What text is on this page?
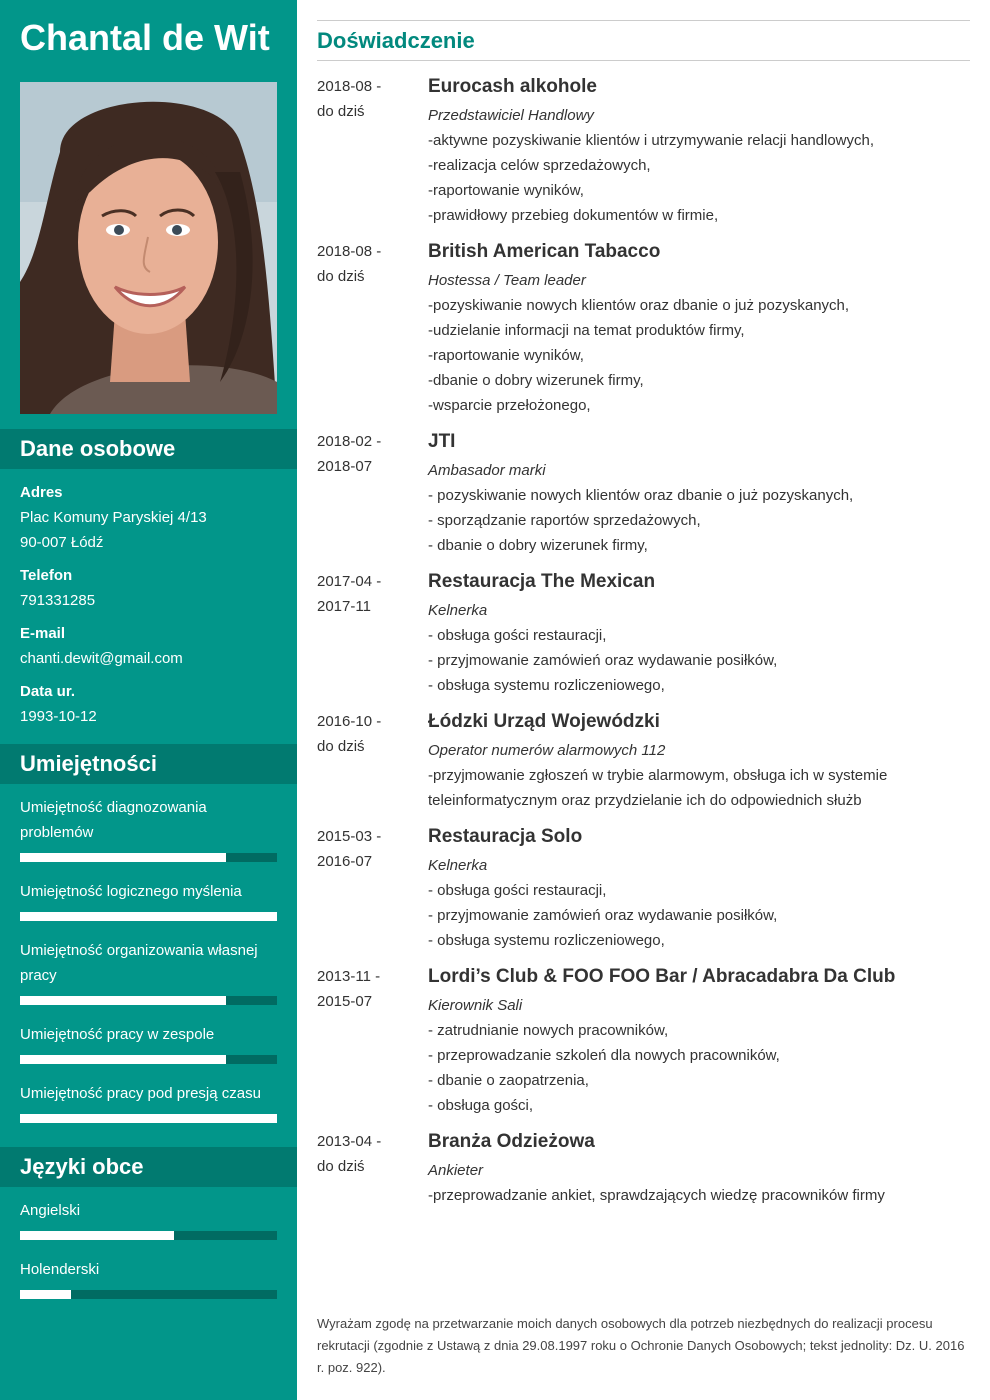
Chantal de Wit
Dane osobowe
Adres
Plac Komuny Paryskiej 4/13
90-007 Łódź
Telefon
791331285
E-mail
chanti.dewit@gmail.com
Data ur.
1993-10-12
Umiejętności
Umiejętność diagnozowania problemów
Umiejętność logicznego myślenia
Umiejętność organizowania własnej pracy
Umiejętność pracy w zespole
Umiejętność pracy pod presją czasu
Języki obce
Angielski
Holenderski
Doświadczenie
2018-08 -
do dziś
Eurocash alkohole
Przedstawiciel Handlowy
-aktywne pozyskiwanie klientów i utrzymywanie relacji handlowych,
-realizacja celów sprzedażowych,
-raportowanie wyników,
-prawidłowy przebieg dokumentów w firmie,
2018-08 -
do dziś
British American Tabacco
Hostessa / Team leader
-pozyskiwanie nowych klientów oraz dbanie o już pozyskanych,
-udzielanie informacji na temat produktów firmy,
-raportowanie wyników,
-dbanie o dobry wizerunek firmy,
-wsparcie przełożonego,
2018-02 -
2018-07
JTI
Ambasador marki
- pozyskiwanie nowych klientów oraz dbanie o już pozyskanych,
- sporządzanie raportów sprzedażowych,
- dbanie o dobry wizerunek firmy,
2017-04 -
2017-11
Restauracja The Mexican
Kelnerka
- obsługa gości restauracji,
- przyjmowanie zamówień oraz wydawanie posiłków,
- obsługa systemu rozliczeniowego,
2016-10 -
do dziś
Łódzki Urząd Wojewódzki
Operator numerów alarmowych 112
-przyjmowanie zgłoszeń w trybie alarmowym, obsługa ich w systemie
teleinformatycznym oraz przydzielanie ich do odpowiednich służb
2015-03 -
2016-07
Restauracja Solo
Kelnerka
- obsługa gości restauracji,
- przyjmowanie zamówień oraz wydawanie posiłków,
- obsługa systemu rozliczeniowego,
2013-11 -
2015-07
Lordi’s Club & FOO FOO Bar / Abracadabra Da Club
Kierownik Sali
- zatrudnianie nowych pracowników,
- przeprowadzanie szkoleń dla nowych pracowników,
- dbanie o zaopatrzenia,
- obsługa gości,
2013-04 -
do dziś
Branża Odzieżowa
Ankieter
-przeprowadzanie ankiet, sprawdzających wiedzę pracowników firmy
Wyrażam zgodę na przetwarzanie moich danych osobowych dla potrzeb niezbędnych do realizacji procesu rekrutacji (zgodnie z Ustawą z dnia 29.08.1997 roku o Ochronie Danych Osobowych; tekst jednolity: Dz. U. 2016 r. poz. 922).
